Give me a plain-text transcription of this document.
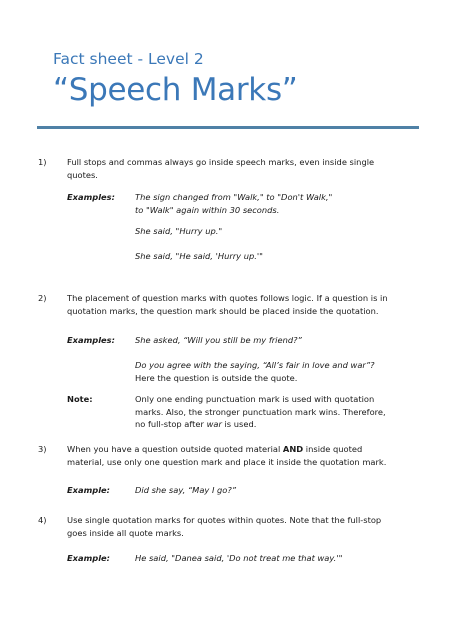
Fact sheet - Level 2
“Speech Marks”
1) Full stops and commas always go inside speech marks, even inside single
quotes.
Examples: The sign changed from "Walk," to "Don't Walk,"
to "Walk" again within 30 seconds.
She said, "Hurry up."
She said, "He said, 'Hurry up.'"
2) The placement of question marks with quotes follows logic. If a question is in
quotation marks, the question mark should be placed inside the quotation.
Examples: She asked, “Will you still be my friend?”
Do you agree with the saying, “All’s fair in love and war”?
Here the question is outside the quote.
Note:	Only one ending punctuation mark is used with quotation
marks. Also, the stronger punctuation mark wins. Therefore,
no full-stop after war is used.
3) When you have a question outside quoted material AND inside quoted
material, use only one question mark and place it inside the quotation mark.
Example:	Did she say, “May I go?”
4) Use single quotation marks for quotes within quotes. Note that the full-stop
goes inside all quote marks.
Example:	He said, "Danea said, 'Do not treat me that way.'"
